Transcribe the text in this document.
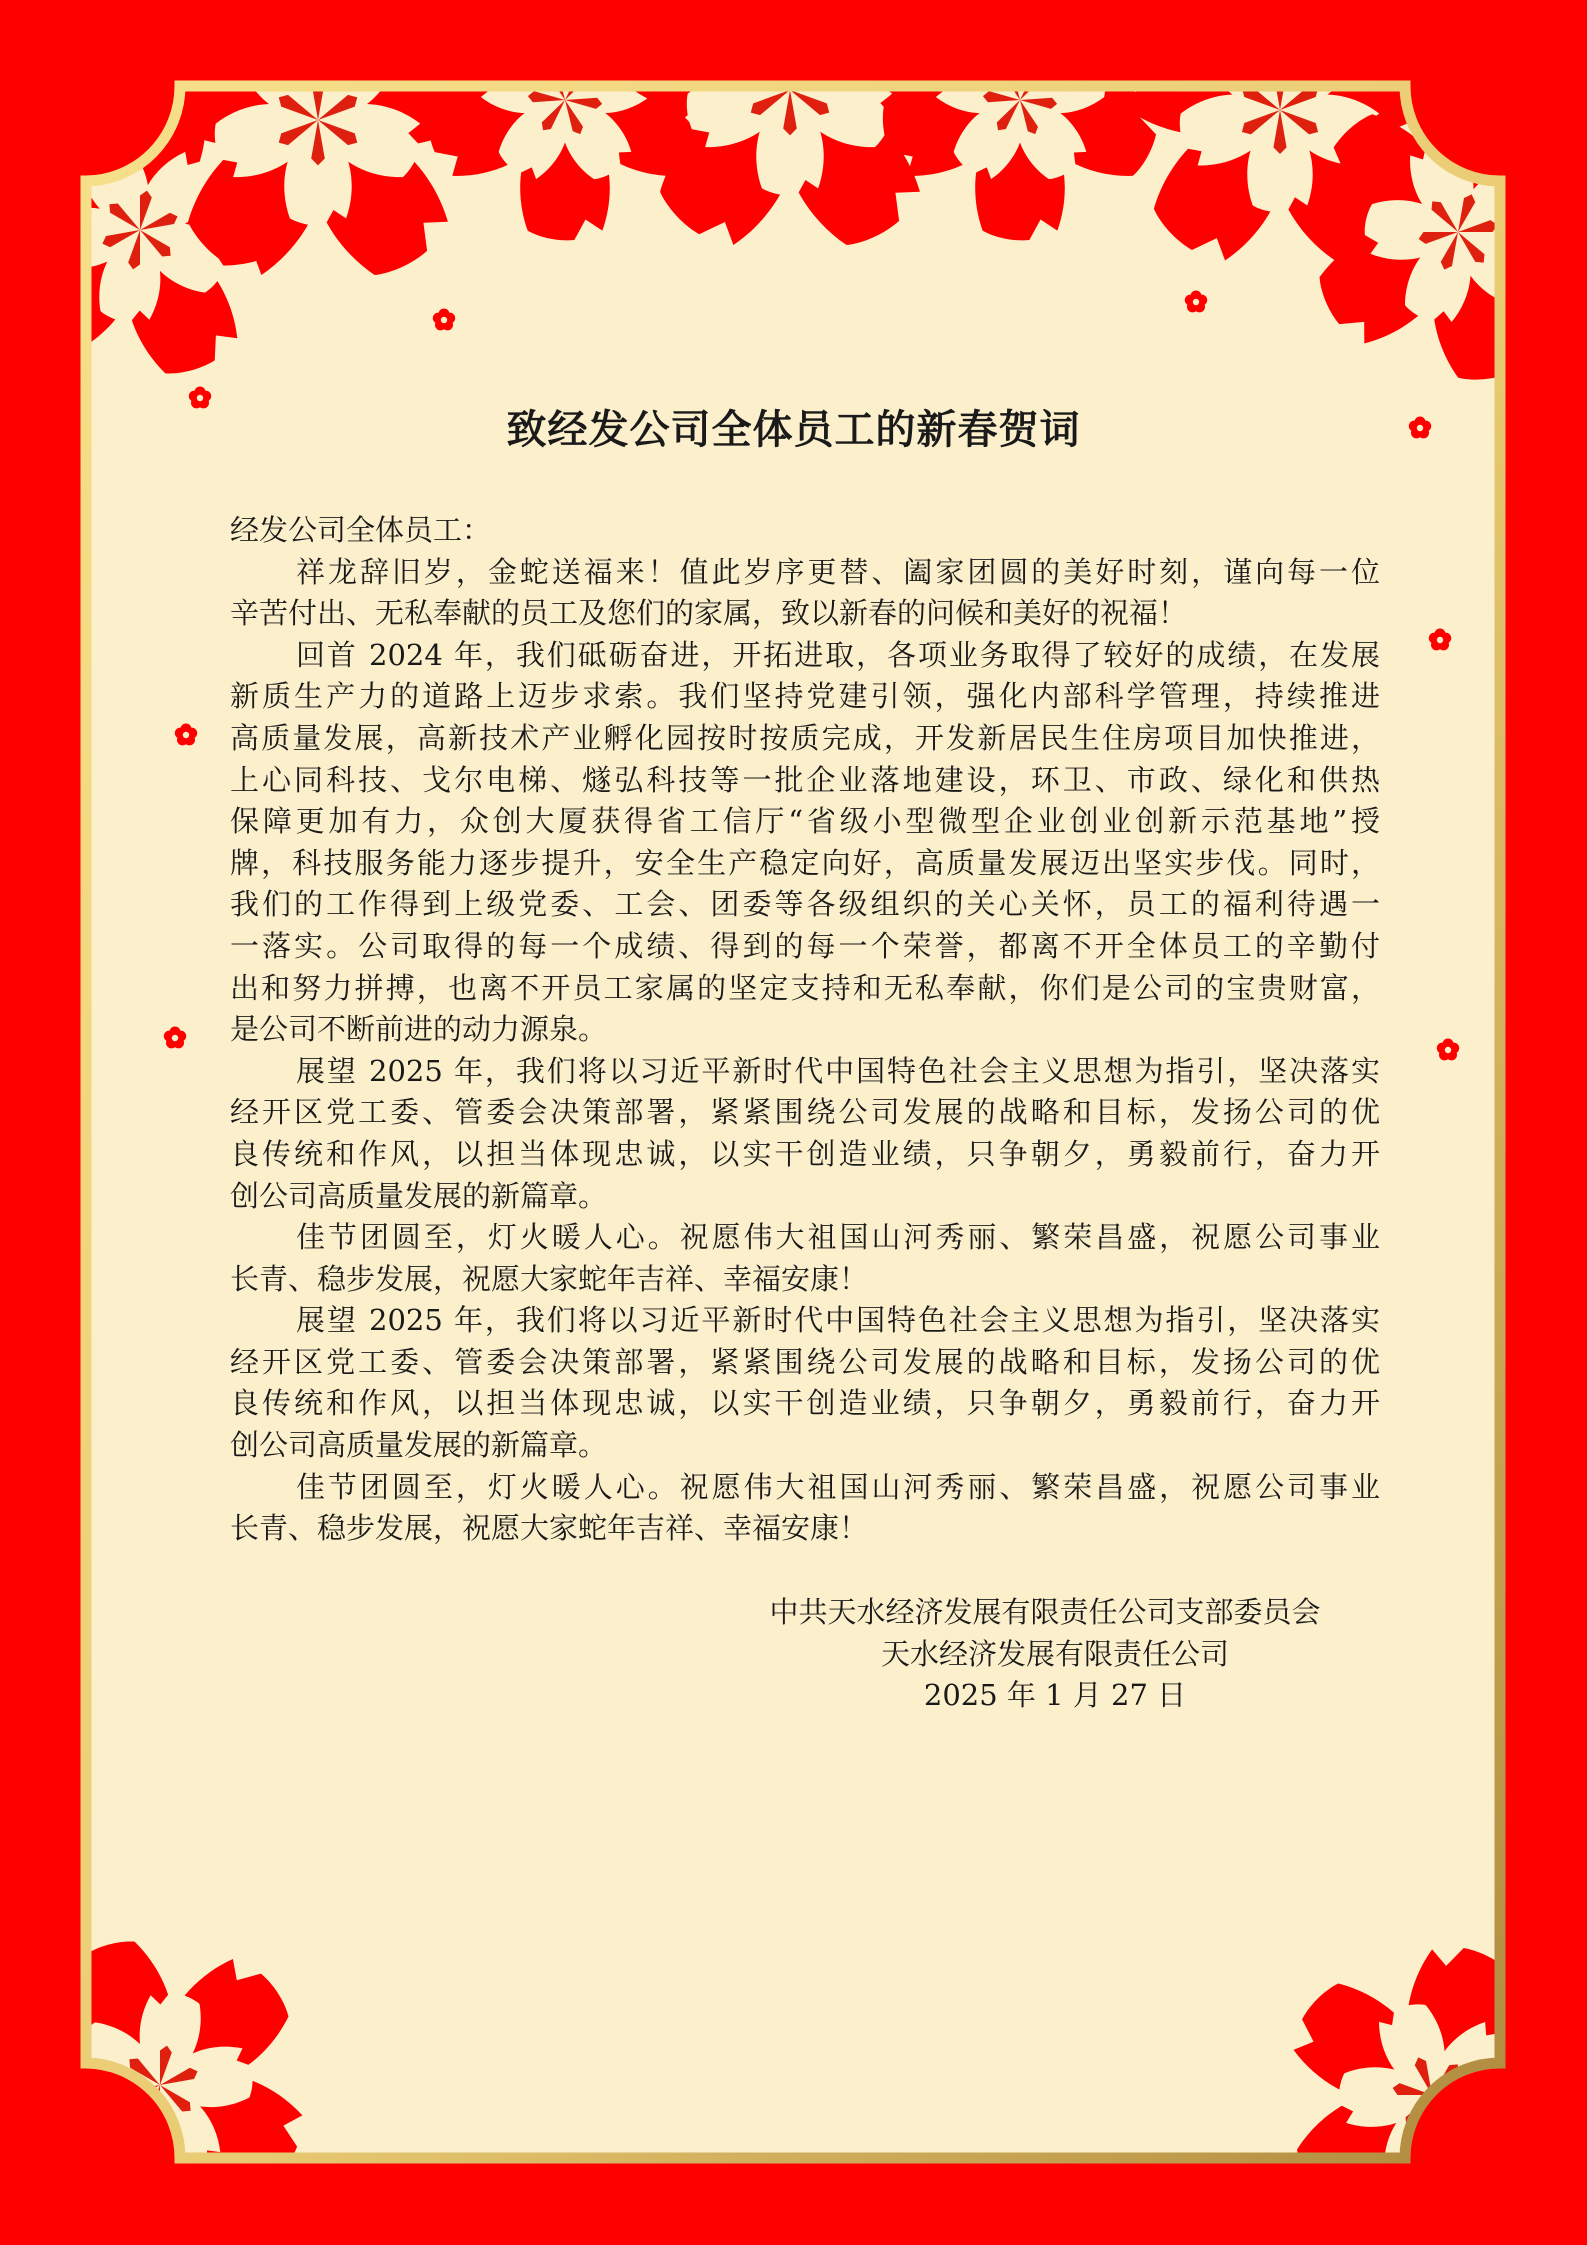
致经发公司全体员工的新春贺词
经发公司全体员工：
祥龙辞旧岁，金蛇送福来！值此岁序更替、阖家团圆的美好时刻，谨向每一位
辛苦付出、无私奉献的员工及您们的家属，致以新春的问候和美好的祝福！
回首 2024 年，我们砥砺奋进，开拓进取，各项业务取得了较好的成绩，在发展
新质生产力的道路上迈步求索。我们坚持党建引领，强化内部科学管理，持续推进
高质量发展，高新技术产业孵化园按时按质完成，开发新居民生住房项目加快推进，
上心同科技、戈尔电梯、燧弘科技等一批企业落地建设，环卫、市政、绿化和供热
保障更加有力，众创大厦获得省工信厅“省级小型微型企业创业创新示范基地”授
牌，科技服务能力逐步提升，安全生产稳定向好，高质量发展迈出坚实步伐。同时，
我们的工作得到上级党委、工会、团委等各级组织的关心关怀，员工的福利待遇一
一落实。公司取得的每一个成绩、得到的每一个荣誉，都离不开全体员工的辛勤付
出和努力拼搏，也离不开员工家属的坚定支持和无私奉献，你们是公司的宝贵财富，
是公司不断前进的动力源泉。
展望 2025 年，我们将以习近平新时代中国特色社会主义思想为指引，坚决落实
经开区党工委、管委会决策部署，紧紧围绕公司发展的战略和目标，发扬公司的优
良传统和作风，以担当体现忠诚，以实干创造业绩，只争朝夕，勇毅前行，奋力开
创公司高质量发展的新篇章。
佳节团圆至，灯火暖人心。祝愿伟大祖国山河秀丽、繁荣昌盛，祝愿公司事业
长青、稳步发展，祝愿大家蛇年吉祥、幸福安康！
展望 2025 年，我们将以习近平新时代中国特色社会主义思想为指引，坚决落实
经开区党工委、管委会决策部署，紧紧围绕公司发展的战略和目标，发扬公司的优
良传统和作风，以担当体现忠诚，以实干创造业绩，只争朝夕，勇毅前行，奋力开
创公司高质量发展的新篇章。
佳节团圆至，灯火暖人心。祝愿伟大祖国山河秀丽、繁荣昌盛，祝愿公司事业
长青、稳步发展，祝愿大家蛇年吉祥、幸福安康！
中共天水经济发展有限责任公司支部委员会
天水经济发展有限责任公司
2025 年 1 月 27 日
